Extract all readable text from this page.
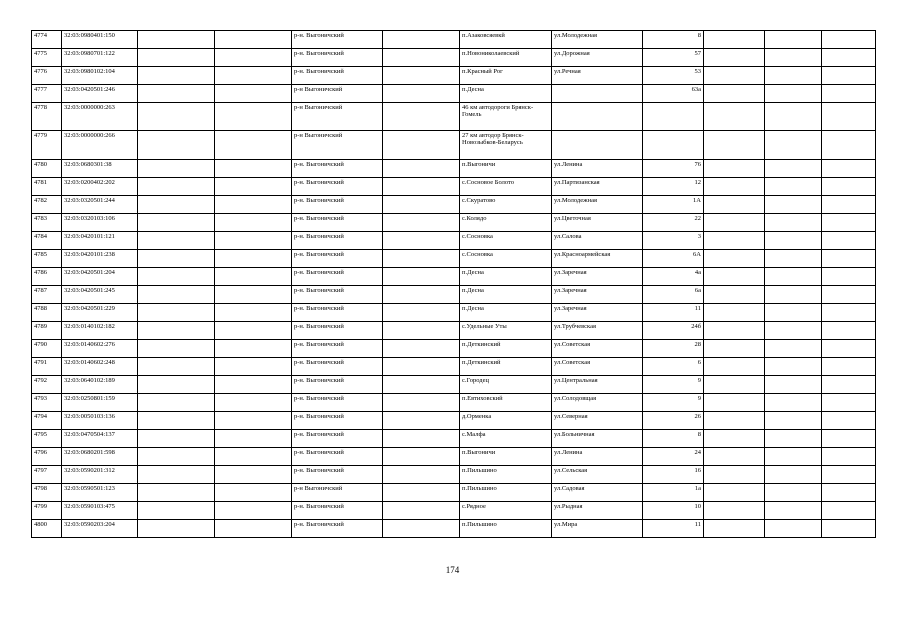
4774	32:03:0980401:150			р-н. Выгоничский		п.Азаковсяевкй	ул.Молодежная	8			
4775	32:03:0980701:122			р-н. Выгоничский		п.Новониколаевский	ул.Дорожная	57			
4776	32:03:0980102:104			р-н. Выгоничский		п.Красный Рог	ул.Речная	53			
4777	32:03:0420501:246			р-н Выгоничский		п.Десна		63а			
4778	32:03:0000000:263			р-н Выгоничский		46 км автодороги Брянск-Гомель					
4779	32:03:0000000:266			р-н Выгоничский		27 км автодор Брянск-Новозыбков-Беларусь					
4780	32:03:0680301:38			р-н. Выгоничский		п.Выгоничи	ул.Ленина	76			
4781	32:03:0200402:202			р-н. Выгоничский		с.Сосновое Болото	ул.Партизанская	12			
4782	32:03:0320501:244			р-н. Выгоничский		с.Скуратово	ул.Молодежная	1А			
4783	32:03:0320103:106			р-н. Выгоничский		с.Колядо	ул.Цветочная	22			
4784	32:03:0420101:121			р-н. Выгоничский		с.Сосновка	ул.Салова	3			
4785	32:03:0420101:238			р-н. Выгоничский		с.Сосновка	ул.Красноармейская	6А			
4786	32:03:0420501:204			р-н. Выгоничский		п.Десна	ул.Заречная	4а			
4787	32:03:0420501:245			р-н. Выгоничский		п.Десна	ул.Заречная	6а			
4788	32:03:0420501:229			р-н. Выгоничский		п.Десна	ул.Заречная	11			
4789	32:03:0140102:182			р-н. Выгоничский		с.Удельные Уты	ул.Трубчевская	24б			
4790	32:03:0140602:276			р-н. Выгоничский		п.Деткинский	ул.Советская	28			
4791	32:03:0140602:248			р-н. Выгоничский		п.Деткинский	ул.Советская	6			
4792	32:03:0640102:189			р-н. Выгоничский		с.Городец	ул.Центральная	9			
4793	32:03:0250801:159			р-н. Выгоничский		п.Евтиховский	ул.Солодовщая	9			
4794	32:03:0050103:136			р-н. Выгоничский		д.Орменка	ул.Северная	26			
4795	32:03:0470504:137			р-н. Выгоничский		с.Малфа	ул.Больничная	8			
4796	32:03:0680201:598			р-н. Выгоничский		п.Выгоничи	ул.Ленина	24			
4797	32:03:0590201:312			р-н. Выгоничский		п.Пильшино	ул.Сельская	16			
4798	32:03:0590501:123			р-н Выгоничский		п.Пильшино	ул.Садовая	1а			
4799	32:03:0590103:475			р-н. Выгоничский		с.Рядное	ул.Рыдная	10			
4800	32:03:0590203:204			р-н. Выгоничский		п.Пильшино	ул.Мира	11			
174
